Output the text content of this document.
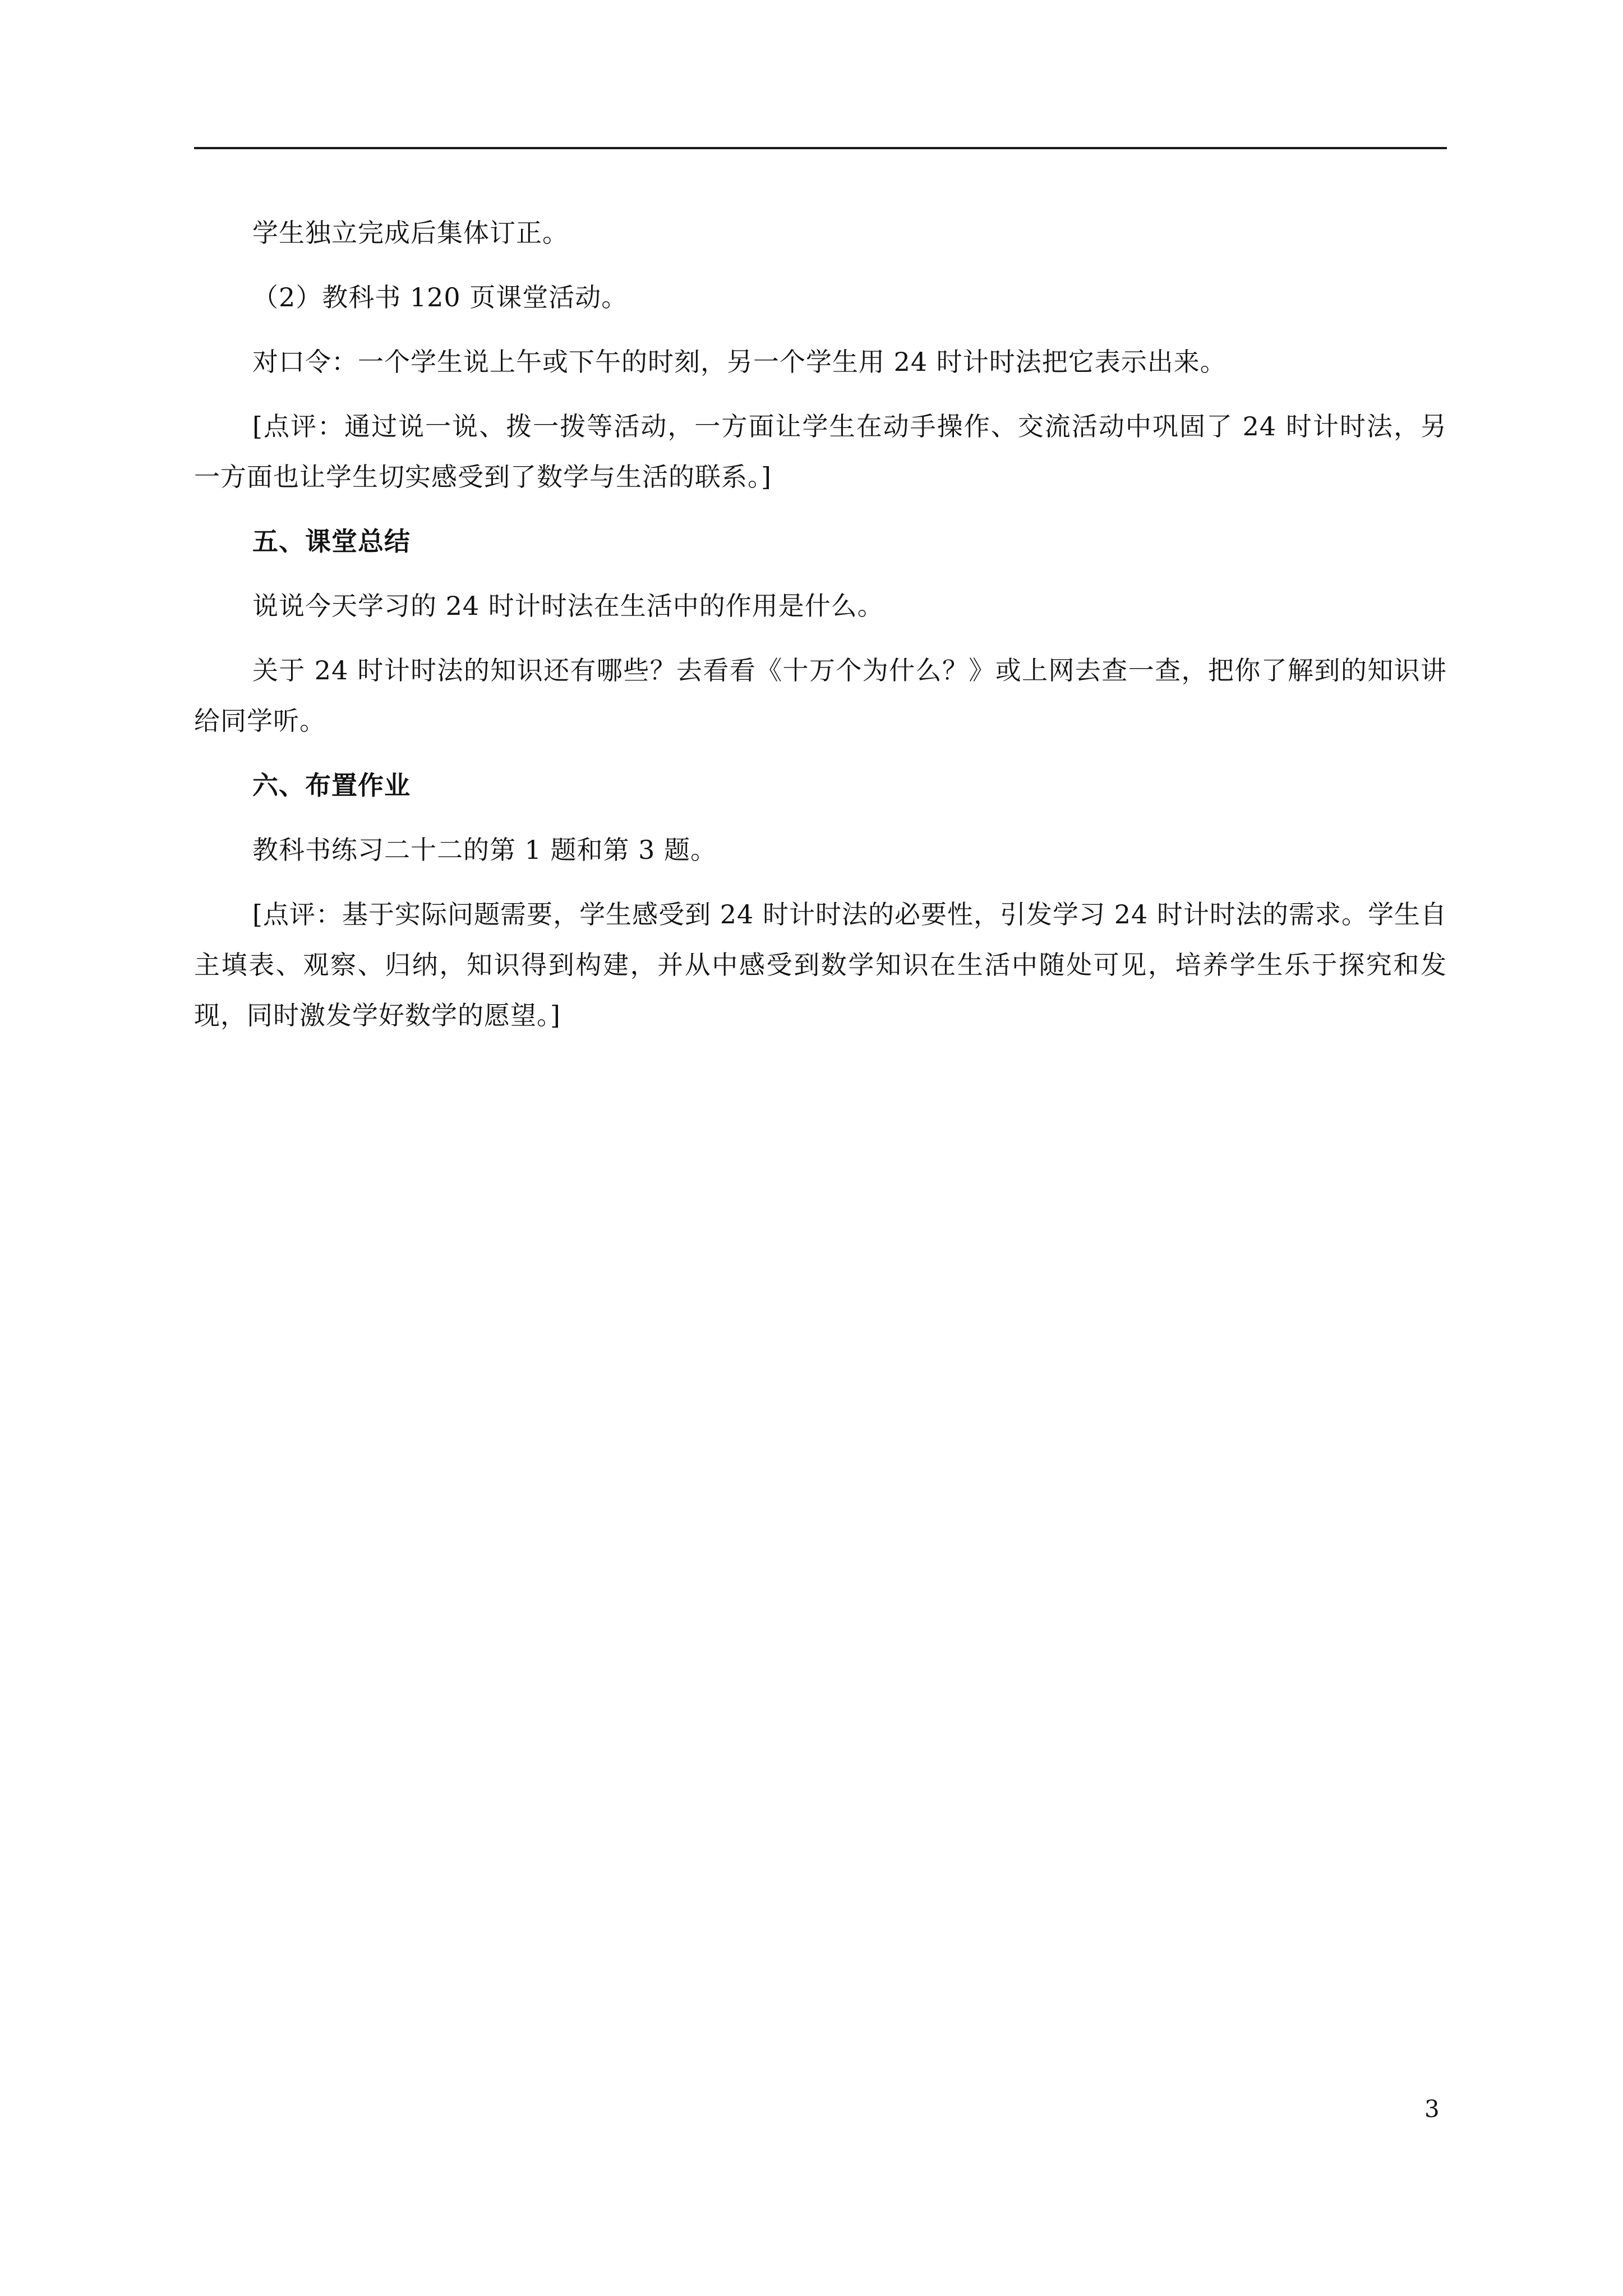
学生独立完成后集体订正。

（2）教科书 120 页课堂活动。

对口令：一个学生说上午或下午的时刻，另一个学生用 24 时计时法把它表示出来。

[点评：通过说一说、拨一拨等活动，一方面让学生在动手操作、交流活动中巩固了 24 时计时法，另一方面也让学生切实感受到了数学与生活的联系。]

五、课堂总结

说说今天学习的 24 时计时法在生活中的作用是什么。

关于 24 时计时法的知识还有哪些？去看看《十万个为什么？》或上网去查一查，把你了解到的知识讲给同学听。

六、布置作业

教科书练习二十二的第 1 题和第 3 题。

[点评：基于实际问题需要，学生感受到 24 时计时法的必要性，引发学习 24 时计时法的需求。学生自主填表、观察、归纳，知识得到构建，并从中感受到数学知识在生活中随处可见，培养学生乐于探究和发现，同时激发学好数学的愿望。]

3
